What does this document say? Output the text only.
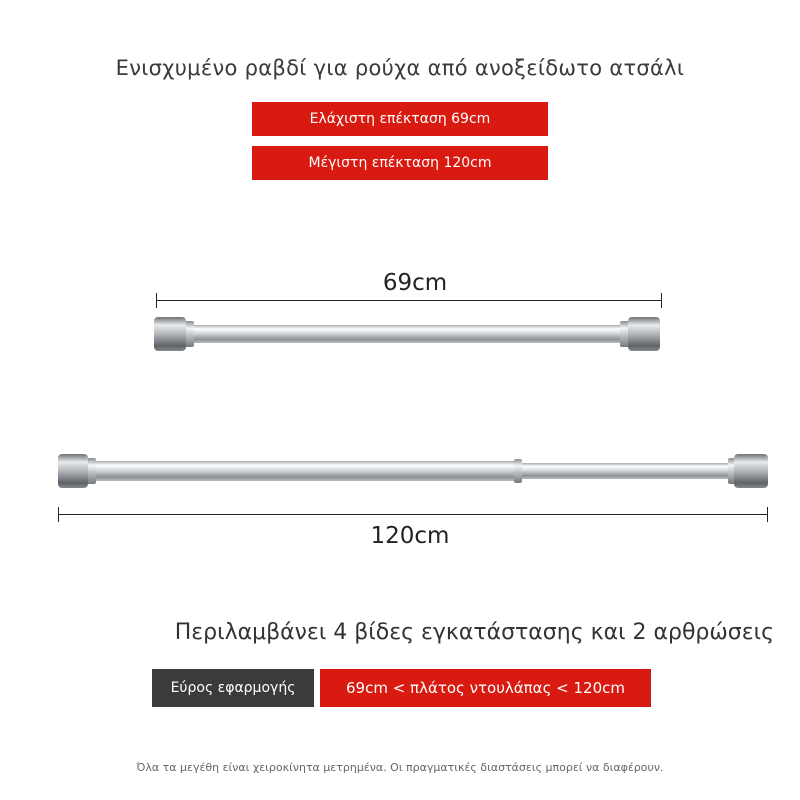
Ενισχυμένο ραβδί για ρούχα από ανοξείδωτο ατσάλι
Ελάχιστη επέκταση 69cm
Μέγιστη επέκταση 120cm
69cm
120cm
Περιλαμβάνει 4 βίδες εγκατάστασης και 2 αρθρώσεις
Εύρος εφαρμογής	69cm < πλάτος ντουλάπας < 120cm
Όλα τα μεγέθη είναι χειροκίνητα μετρημένα. Οι πραγματικές διαστάσεις μπορεί να διαφέρουν.
